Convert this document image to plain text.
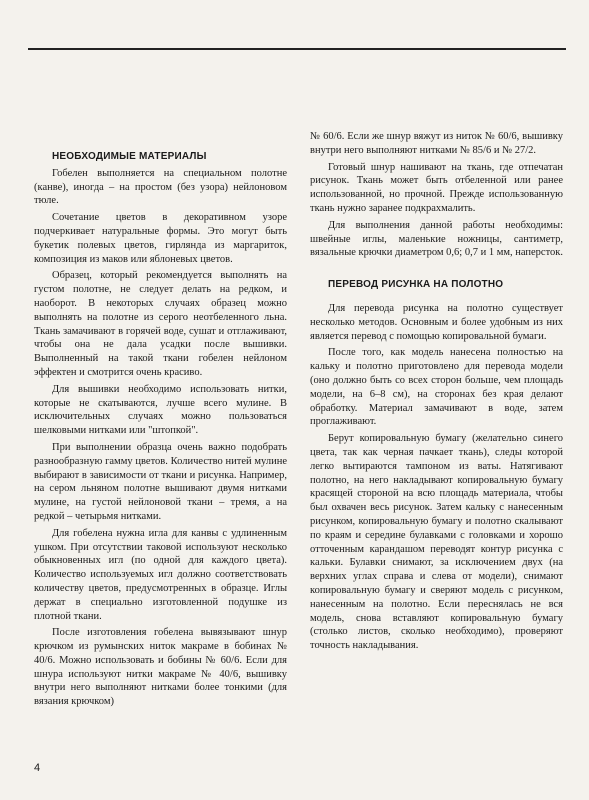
НЕОБХОДИМЫЕ МАТЕРИАЛЫ

Гобелен выполняется на специальном полотне (канве), иногда – на простом (без узора) нейлоновом тюле.

Сочетание цветов в декоративном узоре подчеркивает натуральные формы. Это могут быть букетик полевых цветов, гирлянда из маргариток, композиция из маков или яблоневых цветов.

Образец, который рекомендуется выполнять на густом полотне, не следует делать на редком, и наоборот. В некоторых случаях образец можно выполнять на полотне из серого неотбеленного льна. Ткань замачивают в горячей воде, сушат и отглаживают, чтобы она не дала усадки после вышивки. Выполненный на такой ткани гобелен нейлоном эффектен и смотрится очень красиво.

Для вышивки необходимо использовать нитки, которые не скатываются, лучше всего мулине. В исключительных случаях можно пользоваться шелковыми нитками или "штопкой".

При выполнении образца очень важно подобрать разнообразную гамму цветов. Количество нитей мулине выбирают в зависимости от ткани и рисунка. Например, на сером льняном полотне вышивают двумя нитками мулине, на густой нейлоновой ткани – тремя, а на редкой – четырьмя нитками.

Для гобелена нужна игла для канвы с удлиненным ушком. При отсутствии таковой используют несколько обыкновенных игл (по одной для каждого цвета). Количество используемых игл должно соответствовать количеству цветов, предусмотренных в образце. Иглы держат в специально изготовленной подушке из плотной ткани.

После изготовления гобелена вывязывают шнур крючком из румынских ниток макраме в бобинах № 40/6. Можно использовать и бобины № 60/6. Если для шнура используют нитки макраме № 40/6, вышивку внутри него выполняют нитками более тонкими (для вязания крючком)

№ 60/6. Если же шнур вяжут из ниток № 60/6, вышивку внутри него выполняют нитками № 85/6 и № 27/2.

Готовый шнур нашивают на ткань, где отпечатан рисунок. Ткань может быть отбеленной или ранее использованной, но прочной. Прежде использованную ткань нужно заранее подкрахмалить.

Для выполнения данной работы необходимы: швейные иглы, маленькие ножницы, сантиметр, вязальные крючки диаметром 0,6; 0,7 и 1 мм, наперсток.

ПЕРЕВОД РИСУНКА НА ПОЛОТНО

Для перевода рисунка на полотно существует несколько методов. Основным и более удобным из них является перевод с помощью копировальной бумаги.

После того, как модель нанесена полностью на кальку и полотно приготовлено для перевода модели (оно должно быть со всех сторон больше, чем площадь модели, на 6–8 см), на сторонах без края делают обработку. Материал замачивают в воде, затем проглаживают.

Берут копировальную бумагу (желательно синего цвета, так как черная пачкает ткань), следы которой легко вытираются тампоном из ваты. Натягивают полотно, на него накладывают копировальную бумагу красящей стороной на всю площадь материала, чтобы был охвачен весь рисунок. Затем кальку с нанесенным рисунком, копировальную бумагу и полотно скалывают по краям и середине булавками с головками и хорошо отточенным карандашом переводят контур рисунка с кальки. Булавки снимают, за исключением двух (на верхних углах справа и слева от модели), снимают копировальную бумагу и сверяют модель с рисунком, нанесенным на полотно. Если переснялась не вся модель, снова вставляют копировальную бумагу (столько листов, сколько необходимо), проверяют точность накладывания.

4
